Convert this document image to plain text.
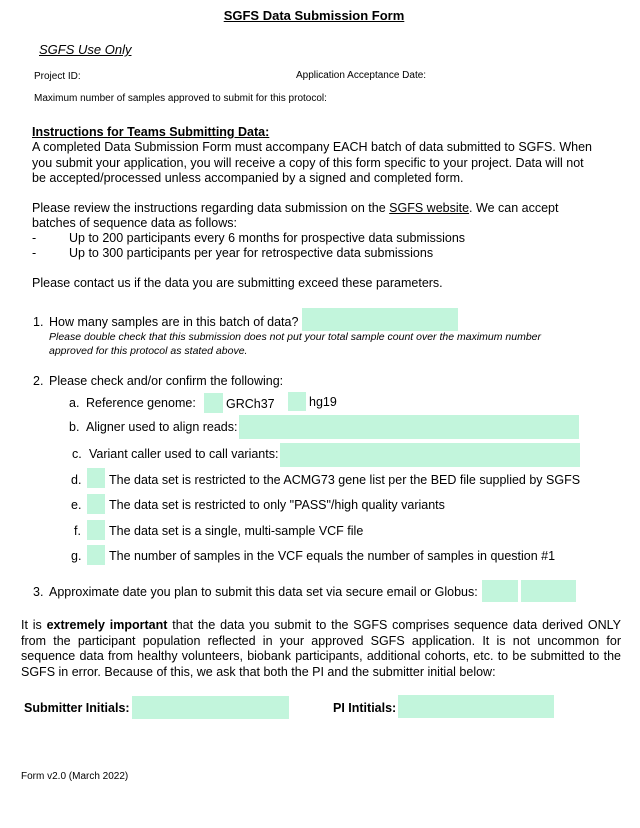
SGFS Data Submission Form
SGFS Use Only
Project ID:	Application Acceptance Date:
Maximum number of samples approved to submit for this protocol:
Instructions for Teams Submitting Data:
A completed Data Submission Form must accompany EACH batch of data submitted to SGFS. When
you submit your application, you will receive a copy of this form specific to your project. Data will not
be accepted/processed unless accompanied by a signed and completed form.
Please review the instructions regarding data submission on the SGFS website. We can accept
batches of sequence data as follows:
-	Up to 200 participants every 6 months for prospective data submissions
-	Up to 300 participants per year for retrospective data submissions
Please contact us if the data you are submitting exceed these parameters.
1. How many samples are in this batch of data?
Please double check that this submission does not put your total sample count over the maximum number
approved for this protocol as stated above.
2. Please check and/or confirm the following:
a. Reference genome: GRCh37	hg19
b. Aligner used to align reads:
c. Variant caller used to call variants:
d. The data set is restricted to the ACMG73 gene list per the BED file supplied by SGFS
e. The data set is restricted to only "PASS"/high quality variants
f. The data set is a single, multi-sample VCF file
g. The number of samples in the VCF equals the number of samples in question #1
3. Approximate date you plan to submit this data set via secure email or Globus:
It is extremely important that the data you submit to the SGFS comprises sequence data derived ONLY
from the participant population reflected in your approved SGFS application. It is not uncommon for
sequence data from healthy volunteers, biobank participants, additional cohorts, etc. to be submitted to the
SGFS in error. Because of this, we ask that both the PI and the submitter initial below:
Submitter Initials:	PI Intitials:
Form v2.0 (March 2022)
